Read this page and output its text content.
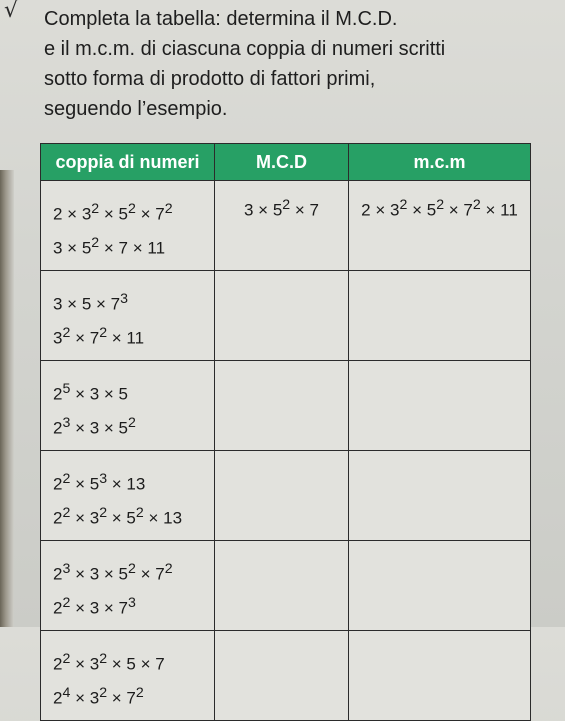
√ Completa la tabella: determina il M.C.D.
e il m.c.m. di ciascuna coppia di numeri scritti
sotto forma di prodotto di fattori primi,
seguendo l’esempio.
coppia di numeri	M.C.D	m.c.m

$2 \times 3^2 \times 5^2 \times 7^2$
$3 \times 5^2 \times 7 \times 11$	$3 \times 5^2 \times 7$	$2 \times 3^2 \times 5^2 \times 7^2 \times 11$

$3 \times 5 \times 7^3$
$3^2 \times 7^2 \times 11$		

$2^5 \times 3 \times 5$
$2^3 \times 3 \times 5^2$

$2^2 \times 5^3 \times 13$
$2^2 \times 3^2 \times 5^2 \times 13$		

$2^3 \times 3 \times 5^2 \times 7^2$
$2^2 \times 3 \times 7^3$

$2^2 \times 3^2 \times 5 \times 7$
$2^4 \times 3^2 \times 7^2$
